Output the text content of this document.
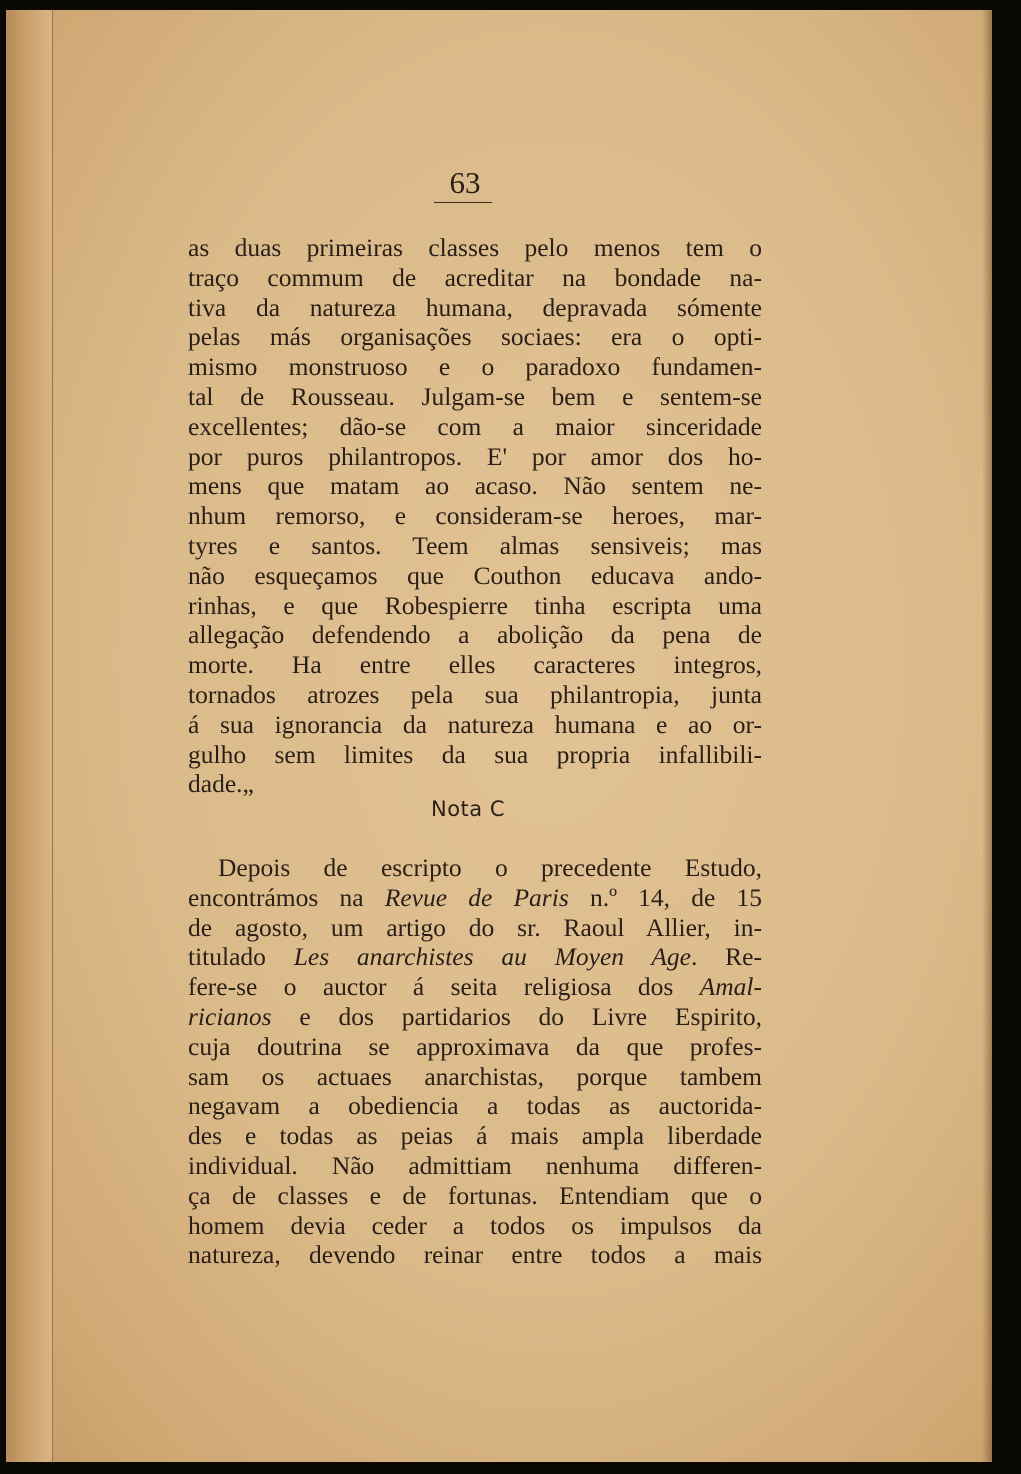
63
as duas primeiras classes pelo menos tem o
traço commum de acreditar na bondade na-
tiva da natureza humana, depravada sómente
pelas más organisações sociaes: era o opti-
mismo monstruoso e o paradoxo fundamen-
tal de Rousseau. Julgam-se bem e sentem-se
excellentes; dão-se com a maior sinceridade
por puros philantropos. E' por amor dos ho-
mens que matam ao acaso. Não sentem ne-
nhum remorso, e consideram-se heroes, mar-
tyres e santos. Teem almas sensiveis; mas
não esqueçamos que Couthon educava ando-
rinhas, e que Robespierre tinha escripta uma
allegação defendendo a abolição da pena de
morte. Ha entre elles caracteres integros,
tornados atrozes pela sua philantropia, junta
á sua ignorancia da natureza humana e ao or-
gulho sem limites da sua propria infallibili-
dade.„
Nota C
Depois de escripto o precedente Estudo,
encontrámos na Revue de Paris n.º 14, de 15
de agosto, um artigo do sr. Raoul Allier, in-
titulado Les anarchistes au Moyen Age. Re-
fere-se o auctor á seita religiosa dos Amal-
ricianos e dos partidarios do Livre Espirito,
cuja doutrina se approximava da que profes-
sam os actuaes anarchistas, porque tambem
negavam a obediencia a todas as auctorida-
des e todas as peias á mais ampla liberdade
individual. Não admittiam nenhuma differen-
ça de classes e de fortunas. Entendiam que o
homem devia ceder a todos os impulsos da
natureza, devendo reinar entre todos a mais
